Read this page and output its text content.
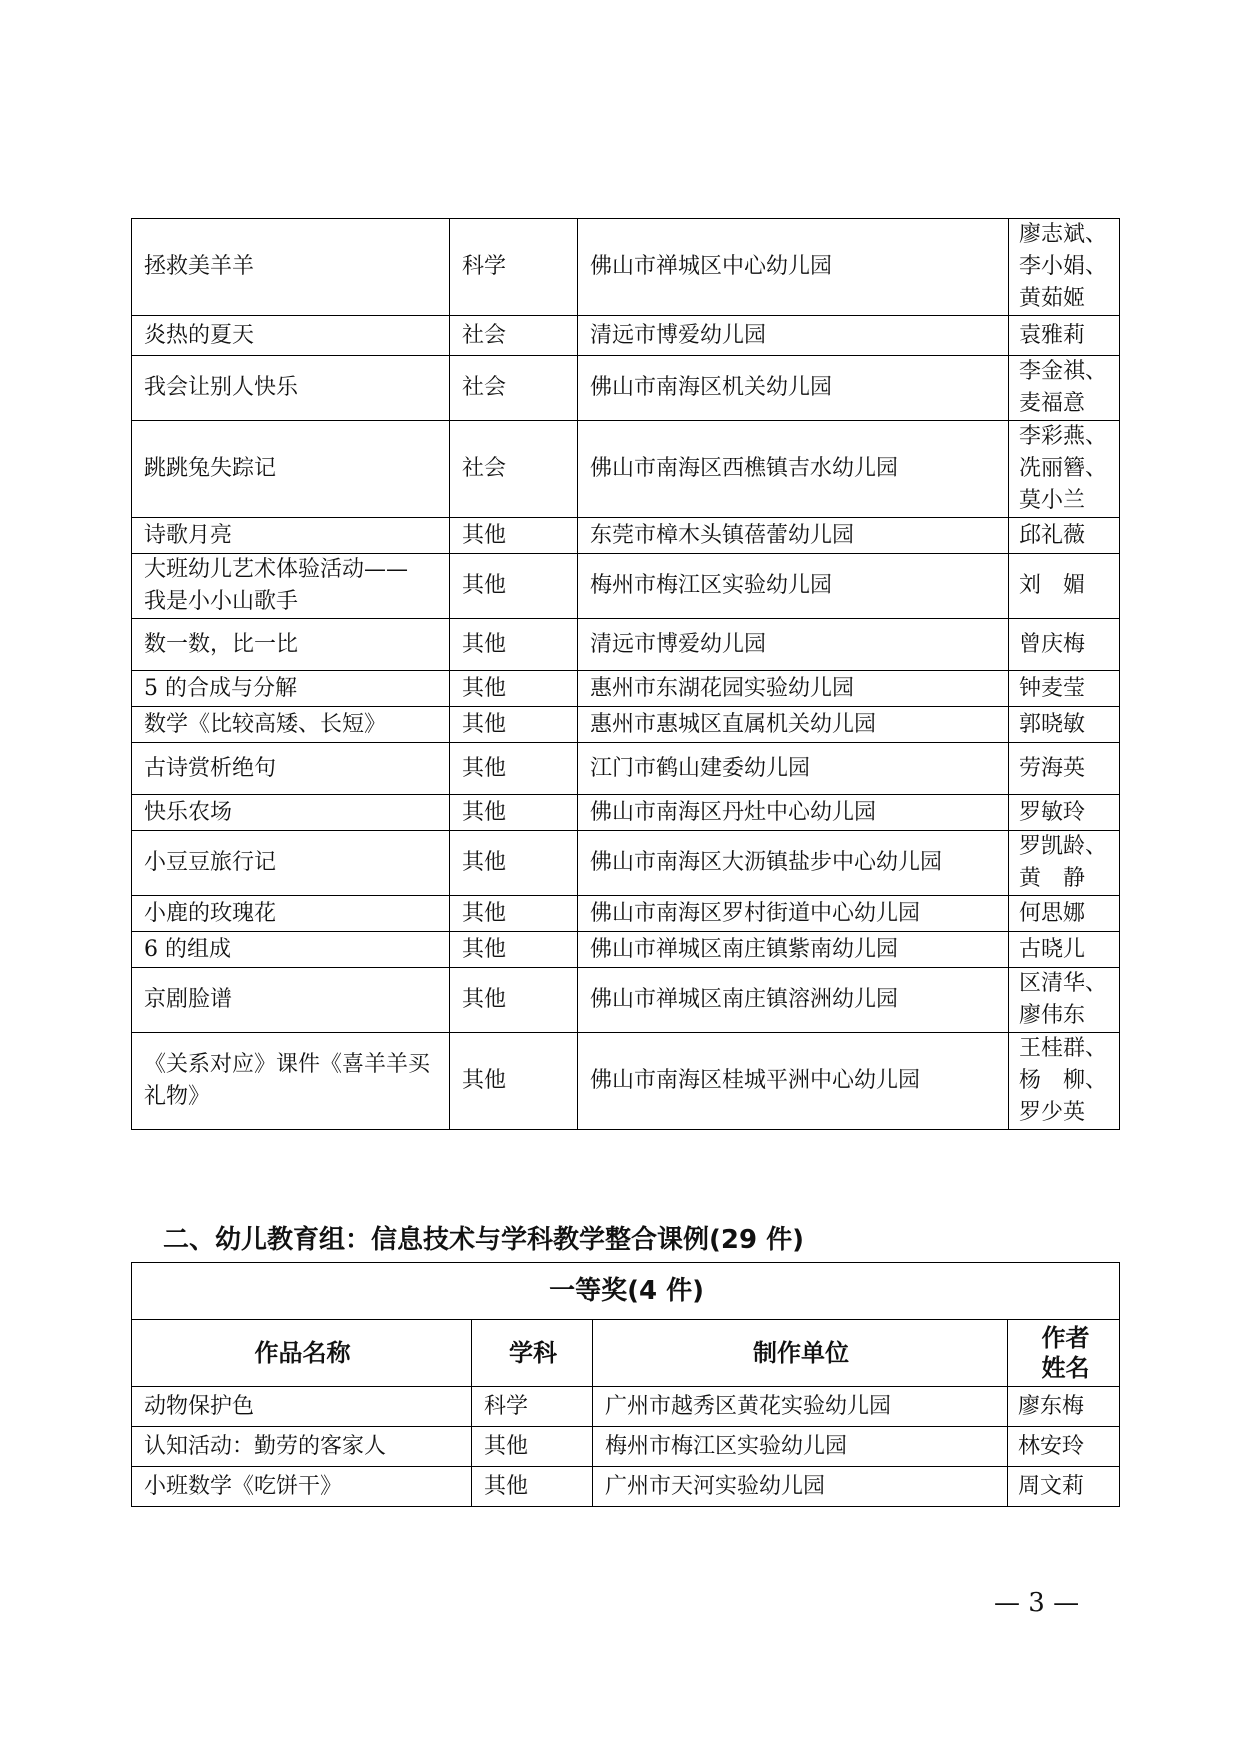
拯救美羊羊	科学	佛山市禅城区中心幼儿园	廖志斌、
李小娟、
黄茹姬

炎热的夏天	社会	清远市博爱幼儿园	袁雅莉

我会让别人快乐	社会	佛山市南海区机关幼儿园	李金祺、
麦福意

跳跳兔失踪记	社会	佛山市南海区西樵镇吉水幼儿园	李彩燕、
冼丽簪、
莫小兰

诗歌月亮	其他	东莞市樟木头镇蓓蕾幼儿园	邱礼薇

大班幼儿艺术体验活动——
我是小小山歌手	其他	梅州市梅江区实验幼儿园	刘　媚

数一数，比一比	其他	清远市博爱幼儿园	曾庆梅

5 的合成与分解	其他	惠州市东湖花园实验幼儿园	钟麦莹

数学《比较高矮、长短》	其他	惠州市惠城区直属机关幼儿园	郭晓敏

古诗赏析绝句	其他	江门市鹤山建委幼儿园	劳海英

快乐农场	其他	佛山市南海区丹灶中心幼儿园	罗敏玲

小豆豆旅行记	其他	佛山市南海区大沥镇盐步中心幼儿园	罗凯龄、
黄　静

小鹿的玫瑰花	其他	佛山市南海区罗村街道中心幼儿园	何思娜

6 的组成	其他	佛山市禅城区南庄镇紫南幼儿园	古晓儿

京剧脸谱	其他	佛山市禅城区南庄镇溶洲幼儿园	区清华、
廖伟东

《关系对应》课件《喜羊羊买
礼物》	其他	佛山市南海区桂城平洲中心幼儿园	王桂群、
杨　柳、
罗少英
二、幼儿教育组：信息技术与学科教学整合课例(29 件)
一等奖(4 件)			
作品名称	学科	制作单位	作者
姓名

动物保护色	科学	广州市越秀区黄花实验幼儿园	廖东梅
认知活动：勤劳的客家人	其他	梅州市梅江区实验幼儿园	林安玲
小班数学《吃饼干》	其他	广州市天河实验幼儿园	周文莉
— 3 —
